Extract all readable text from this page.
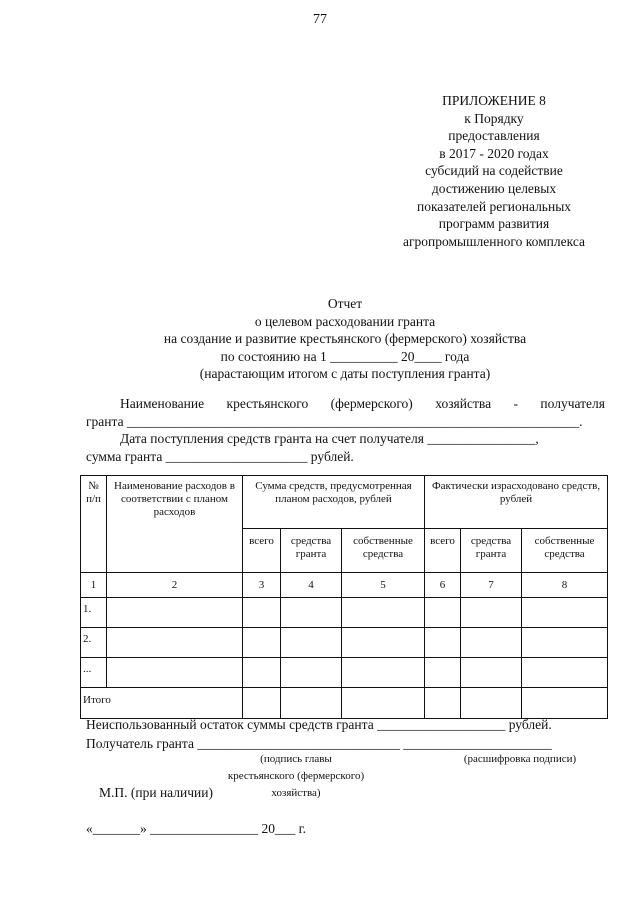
77
ПРИЛОЖЕНИЕ 8
к Порядку
предоставления
в 2017 - 2020 годах
субсидий на содействие
достижению целевых
показателей региональных
программ развития
агропромышленного комплекса
Отчет
о целевом расходовании гранта
на создание и развитие крестьянского (фермерского) хозяйства
по состоянию на 1 __________ 20____ года
(нарастающим итогом с даты поступления гранта)
Наименование крестьянского (фермерского) хозяйства - получателя
гранта ___________________________________________________________________.
Дата поступления средств гранта на счет получателя ________________,
сумма гранта _____________________ рублей.
№ п/п	Наименование расходов в соответствии с планом расходов	Сумма средств, предусмотренная планом расходов, рублей			Фактически израсходовано средств, рублей		
		всего	средства гранта	собственные средства	всего	средства гранта	собственные средства
1	2	3	4	5	6	7	8
1.							
2.							
...							
Итого							
Неиспользованный остаток суммы средств гранта ___________________ рублей.
Получатель гранта ______________________________ ______________________
(подпись главы крестьянского (фермерского) хозяйства)
(расшифровка подписи)
М.П. (при наличии)
«_______» ________________ 20___ г.
